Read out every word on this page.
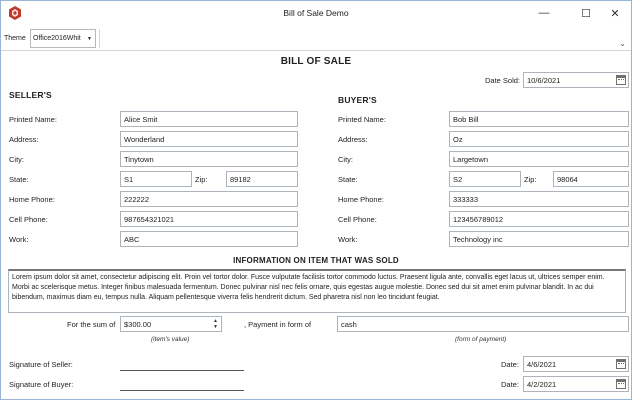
Bill of Sale Demo	—	☐ ✕
Theme	Office2016Whit ▼	⌄
BILL OF SALE
Date Sold: 10/6/2021
SELLER'S	BUYER'S
Printed Name:	Alice Smit
Address:	Wonderland
City:	Tinytown
State:	S1	Zip:	89182
Home Phone:	222222
Cell Phone:	987654321021
Work:	ABC
Printed Name:	Bob Bill
Address:	Oz
City:	Largetown
State:	S2	Zip:	98064
Home Phone:	333333
Cell Phone:	123456789012
Work:	Technology inc
INFORMATION ON ITEM THAT WAS SOLD
Lorem ipsum dolor sit amet, consectetur adipiscing elit. Proin vel tortor dolor. Fusce vulputate facilisis tortor commodo luctus. Praesent ligula ante, convallis eget lacus ut, ultrices semper enim. Morbi ac scelerisque metus. Integer finibus malesuada fermentum. Donec pulvinar nisl nec felis ornare, quis egestas augue molestie. Donec sed dui sit amet enim pulvinar blandit. In ac dui bibendum, maximus diam eu, tempus nulla. Aliquam pellentesque viverra felis hendrerit dictum. Sed pharetra nisl non leo tincidunt feugiat.
For the sum of	$300.00	▲
▼
(item's value)
, Payment in form of	cash
(form of payment)
Signature of Seller:
Signature of Buyer:
Date:	4/6/2021
Date:	4/2/2021
